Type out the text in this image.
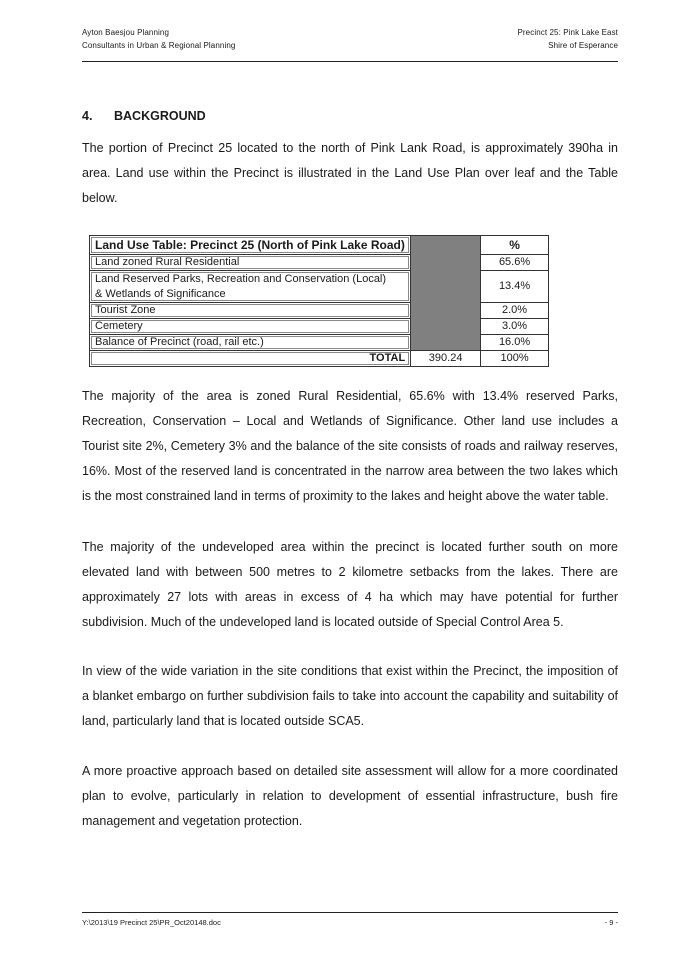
Ayton Baesjou Planning
Consultants in Urban & Regional Planning
Precinct 25: Pink Lake East
Shire of Esperance
4. BACKGROUND

The portion of Precinct 25 located to the north of Pink Lank Road, is approximately 390ha in area. Land use within the Precinct is illustrated in the Land Use Plan over leaf and the Table below.

Land Use Table: Precinct 25 (North of Pink Lake Road)		%
Land zoned Rural Residential		65.6%

Land Reserved Parks, Recreation and Conservation (Local)
& Wetlands of Significance		13.4%
Tourist Zone		2.0%
Cemetery		3.0%
Balance of Precinct (road, rail etc.)		16.0%
TOTAL	390.24	100%

The majority of the area is zoned Rural Residential, 65.6% with 13.4% reserved Parks, Recreation, Conservation – Local and Wetlands of Significance. Other land use includes a Tourist site 2%, Cemetery 3% and the balance of the site consists of roads and railway reserves, 16%. Most of the reserved land is concentrated in the narrow area between the two lakes which is the most constrained land in terms of proximity to the lakes and height above the water table.

The majority of the undeveloped area within the precinct is located further south on more elevated land with between 500 metres to 2 kilometre setbacks from the lakes. There are approximately 27 lots with areas in excess of 4 ha which may have potential for further subdivision. Much of the undeveloped land is located outside of Special Control Area 5.

In view of the wide variation in the site conditions that exist within the Precinct, the imposition of a blanket embargo on further subdivision fails to take into account the capability and suitability of land, particularly land that is located outside SCA5.

A more proactive approach based on detailed site assessment will allow for a more coordinated plan to evolve, particularly in relation to development of essential infrastructure, bush fire management and vegetation protection.

Y:\2013\19 Precinct 25\PR_Oct20148.doc	- 9 -
